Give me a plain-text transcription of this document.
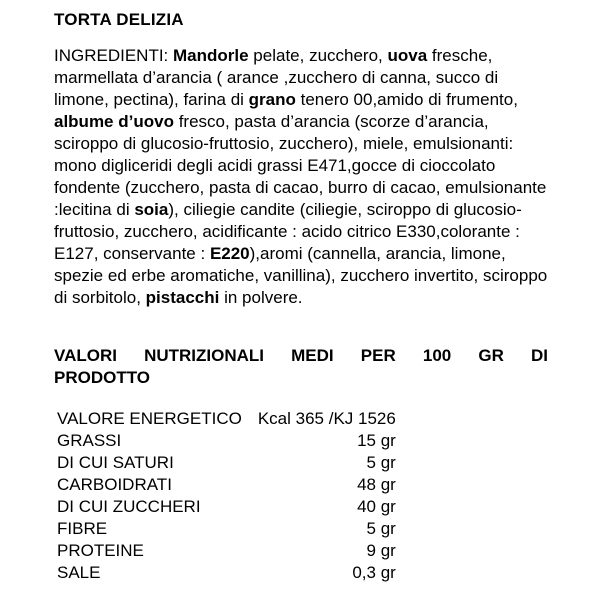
TORTA DELIZIA
INGREDIENTI: Mandorle pelate, zucchero, uova fresche, marmellata d’arancia ( arance ,zucchero di canna, succo di limone, pectina), farina di grano tenero 00,amido di frumento, albume d’uovo fresco, pasta d’arancia (scorze d’arancia, sciroppo di glucosio-fruttosio, zucchero), miele, emulsionanti: mono digliceridi degli acidi grassi E471,gocce di cioccolato fondente (zucchero, pasta di cacao, burro di cacao, emulsionante :lecitina di soia), ciliegie candite (ciliegie, sciroppo di glucosio- fruttosio, zucchero, acidificante : acido citrico E330,colorante : E127, conservante : E220),aromi (cannella, arancia, limone, spezie ed erbe aromatiche, vanillina), zucchero invertito, sciroppo di sorbitolo, pistacchi in polvere.
VALORI NUTRIZIONALI MEDI PER 100 GR DI
PRODOTTO
VALORE ENERGETICO	Kcal 365 /KJ 1526
GRASSI	15 gr
DI CUI SATURI	5 gr
CARBOIDRATI	48 gr
DI CUI ZUCCHERI	40 gr
FIBRE	5 gr
PROTEINE	9 gr
SALE	0,3 gr
